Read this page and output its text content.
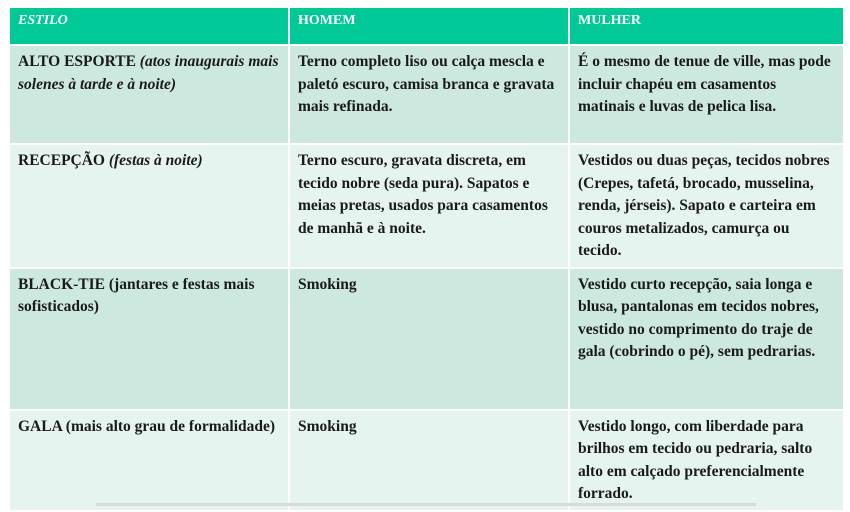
ESTILO	HOMEM	MULHER
ALTO ESPORTE (atos inaugurais mais solenes à tarde e à noite)	Terno completo liso ou calça mescla e paletó escuro, camisa branca e gravata mais refinada.	É o mesmo de tenue de ville, mas pode incluir chapéu em casamentos matinais e luvas de pelica lisa.
RECEPÇÃO (festas à noite)	Terno escuro, gravata discreta, em tecido nobre (seda pura). Sapatos e meias pretas, usados para casamentos de manhã e à noite.	Vestidos ou duas peças, tecidos nobres (Crepes, tafetá, brocado, musselina, renda, jérseis). Sapato e carteira em couros metalizados, camurça ou tecido.
BLACK-TIE (jantares e festas mais sofisticados)	Smoking	Vestido curto recepção, saia longa e blusa, pantalonas em tecidos nobres, vestido no comprimento do traje de gala (cobrindo o pé), sem pedrarias.
GALA (mais alto grau de formalidade)	Smoking	Vestido longo, com liberdade para brilhos em tecido ou pedraria, salto alto em calçado preferencialmente forrado.
